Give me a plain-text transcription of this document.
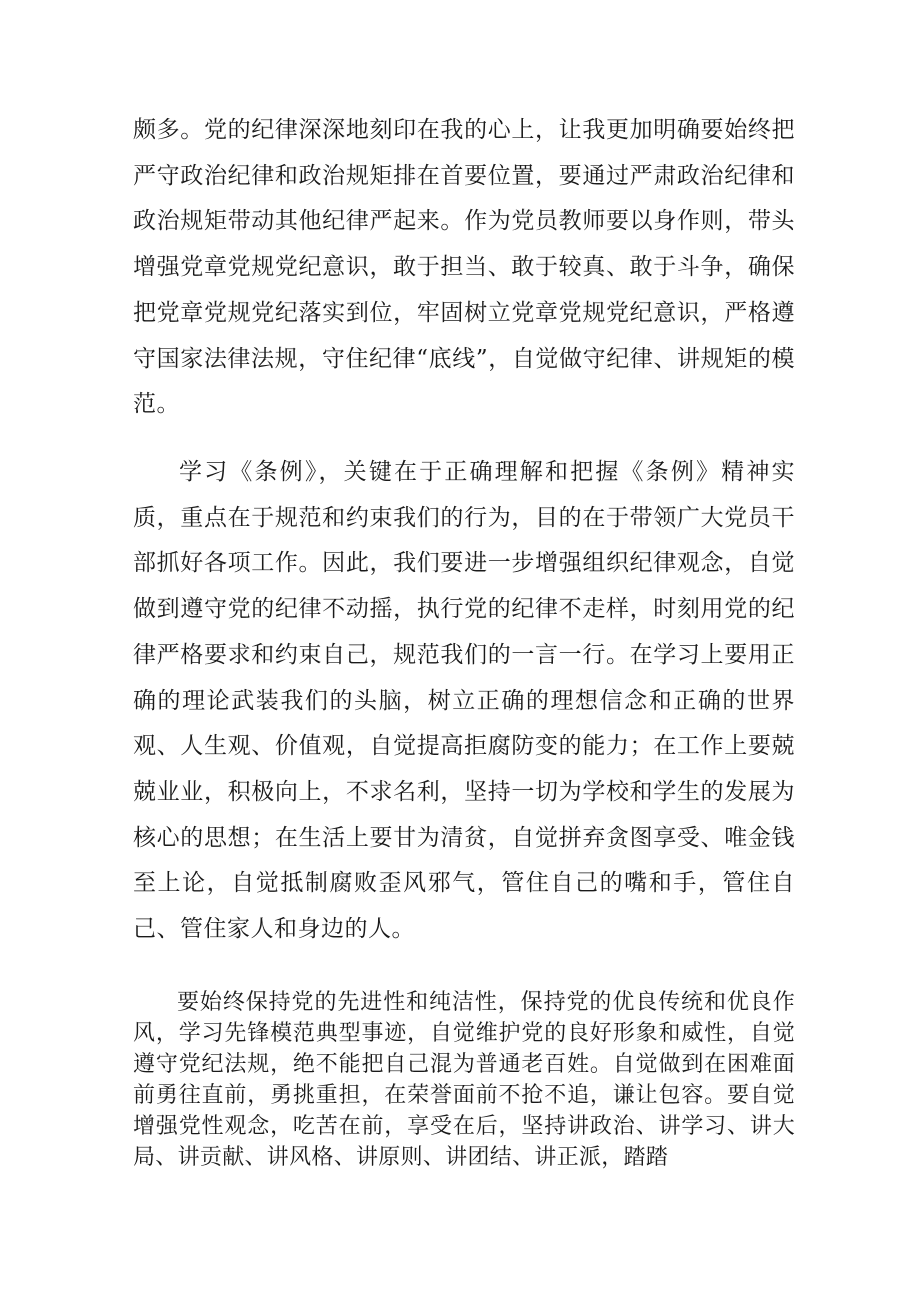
颇多。党的纪律深深地刻印在我的心上，让我更加明确要始终把严守政治纪律和政治规矩排在首要位置，要通过严肃政治纪律和政治规矩带动其他纪律严起来。作为党员教师要以身作则，带头增强党章党规党纪意识，敢于担当、敢于较真、敢于斗争，确保把党章党规党纪落实到位，牢固树立党章党规党纪意识，严格遵守国家法律法规，守住纪律“底线”，自觉做守纪律、讲规矩的模范。

学习《条例》，关键在于正确理解和把握《条例》精神实质，重点在于规范和约束我们的行为，目的在于带领广大党员干部抓好各项工作。因此，我们要进一步增强组织纪律观念，自觉做到遵守党的纪律不动摇，执行党的纪律不走样，时刻用党的纪律严格要求和约束自己，规范我们的一言一行。在学习上要用正确的理论武装我们的头脑，树立正确的理想信念和正确的世界观、人生观、价值观，自觉提高拒腐防变的能力；在工作上要兢兢业业，积极向上，不求名利，坚持一切为学校和学生的发展为核心的思想；在生活上要甘为清贫，自觉拼弃贪图享受、唯金钱至上论，自觉抵制腐败歪风邪气，管住自己的嘴和手，管住自己、管住家人和身边的人。

要始终保持党的先进性和纯洁性，保持党的优良传统和优良作风，学习先锋模范典型事迹，自觉维护党的良好形象和威性，自觉遵守党纪法规，绝不能把自己混为普通老百姓。自觉做到在困难面前勇往直前，勇挑重担，在荣誉面前不抢不追，谦让包容。要自觉增强党性观念，吃苦在前，享受在后，坚持讲政治、讲学习、讲大局、讲贡献、讲风格、讲原则、讲团结、讲正派，踏踏
